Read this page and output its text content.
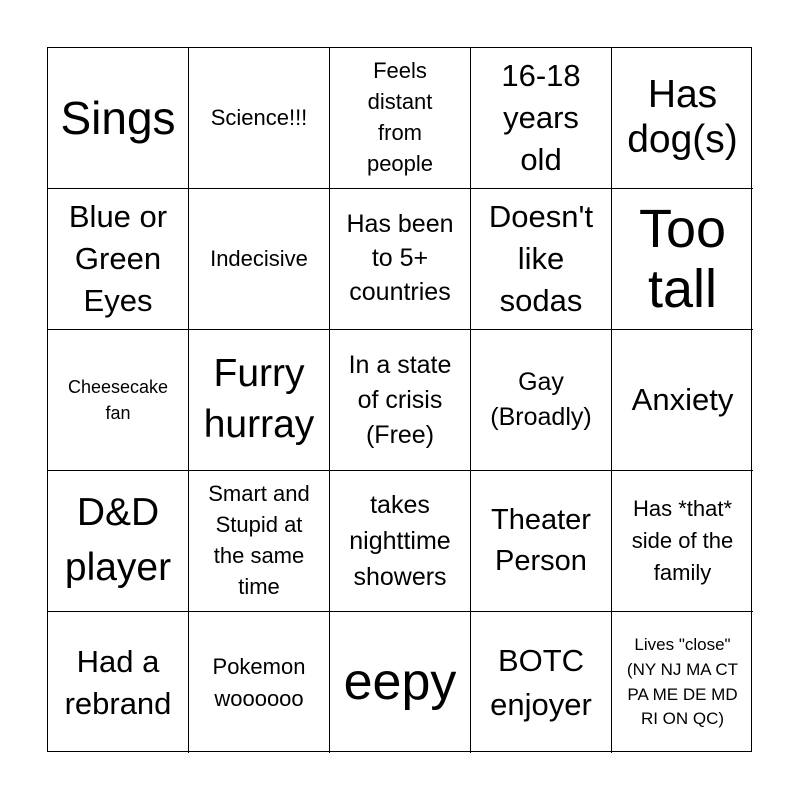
Sings Science!!!
Feels distant from people
16-18 years old
Has dog(s)
Blue or Green Eyes
Indecisive
Has been to 5+ countries
Doesn't like sodas
Too tall
Cheesecake fan
Furry hurray
In a state of crisis (Free)
Gay (Broadly)	Anxiety
D&D player
Smart and Stupid at the same time
takes nighttime showers
Theater Person
Has *that* side of the family
Had a rebrand
Pokemon woooooo eepy	BOTC enjoyer
Lives "close" (NY NJ MA CT PA ME DE MD RI ON QC)
